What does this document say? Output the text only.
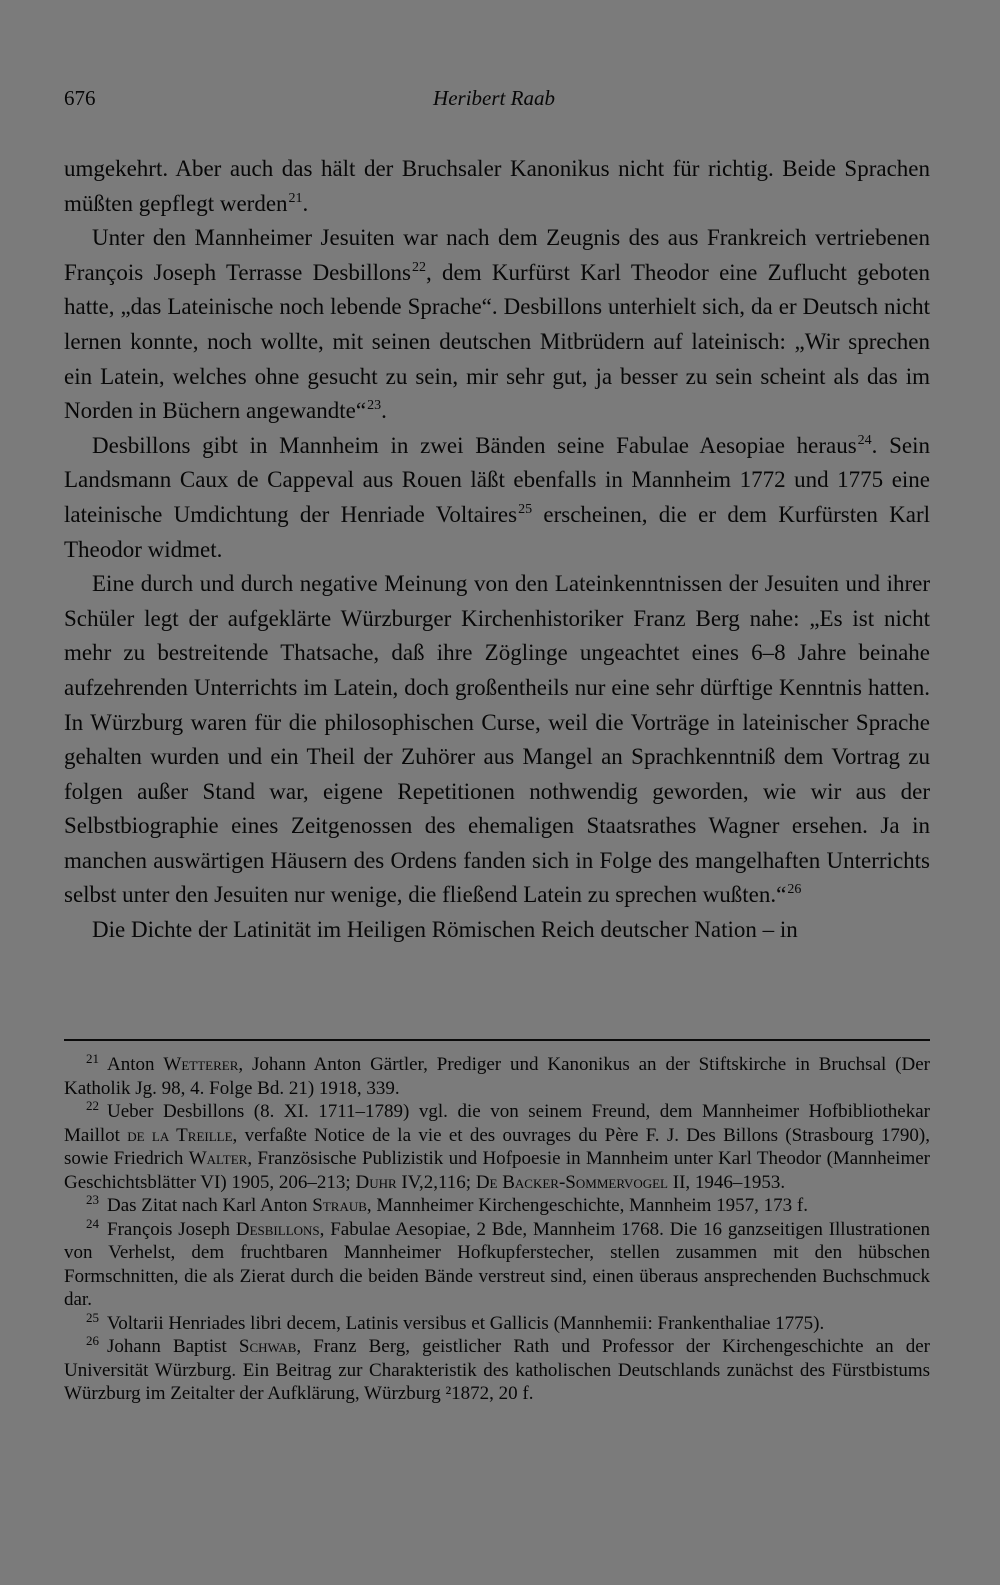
676	Heribert Raab

umgekehrt. Aber auch das hält der Bruchsaler Kanonikus nicht für richtig. Beide Sprachen müßten gepflegt werden$^{21}$.

Unter den Mannheimer Jesuiten war nach dem Zeugnis des aus Frankreich vertriebenen François Joseph Terrasse Desbillons$^{22}$, dem Kurfürst Karl Theodor eine Zuflucht geboten hatte, „das Lateinische noch lebende Sprache“. Desbillons unterhielt sich, da er Deutsch nicht lernen konnte, noch wollte, mit seinen deutschen Mitbrüdern auf lateinisch: „Wir sprechen ein Latein, welches ohne gesucht zu sein, mir sehr gut, ja besser zu sein scheint als das im Norden in Büchern angewandte“$^{23}$.

Desbillons gibt in Mannheim in zwei Bänden seine Fabulae Aesopiae heraus$^{24}$. Sein Landsmann Caux de Cappeval aus Rouen läßt ebenfalls in Mannheim 1772 und 1775 eine lateinische Umdichtung der Henriade Voltaires$^{25}$ erscheinen, die er dem Kurfürsten Karl Theodor widmet.

Eine durch und durch negative Meinung von den Lateinkenntnissen der Jesuiten und ihrer Schüler legt der aufgeklärte Würzburger Kirchenhistoriker Franz Berg nahe: „Es ist nicht mehr zu bestreitende Thatsache, daß ihre Zöglinge ungeachtet eines 6–8 Jahre beinahe aufzehrenden Unterrichts im Latein, doch großentheils nur eine sehr dürftige Kenntnis hatten. In Würzburg waren für die philosophischen Curse, weil die Vorträge in lateinischer Sprache gehalten wurden und ein Theil der Zuhörer aus Mangel an Sprachkenntniß dem Vortrag zu folgen außer Stand war, eigene Repetitionen nothwendig geworden, wie wir aus der Selbstbiographie eines Zeitgenossen des ehemaligen Staatsrathes Wagner ersehen. Ja in manchen auswärtigen Häusern des Ordens fanden sich in Folge des mangelhaften Unterrichts selbst unter den Jesuiten nur wenige, die fließend Latein zu sprechen wußten.“$^{26}$

Die Dichte der Latinität im Heiligen Römischen Reich deutscher Nation – in

$^{21}$ Anton Wetterer, Johann Anton Gärtler, Prediger und Kanonikus an der Stiftskirche in Bruchsal (Der Katholik Jg. 98, 4. Folge Bd. 21) 1918, 339.

$^{22}$ Ueber Desbillons (8. XI. 1711–1789) vgl. die von seinem Freund, dem Mannheimer Hofbibliothekar Maillot de la Treille, verfaßte Notice de la vie et des ouvrages du Père F. J. Des Billons (Strasbourg 1790), sowie Friedrich Walter, Französische Publizistik und Hofpoesie in Mannheim unter Karl Theodor (Mannheimer Geschichtsblätter VI) 1905, 206–213; Duhr IV,2,116; De Backer-Sommervogel II, 1946–1953.

$^{23}$ Das Zitat nach Karl Anton Straub, Mannheimer Kirchengeschichte, Mannheim 1957, 173 f.

$^{24}$ François Joseph Desbillons, Fabulae Aesopiae, 2 Bde, Mannheim 1768. Die 16 ganzseitigen Illustrationen von Verhelst, dem fruchtbaren Mannheimer Hofkupferstecher, stellen zusammen mit den hübschen Formschnitten, die als Zierat durch die beiden Bände verstreut sind, einen überaus ansprechenden Buchschmuck dar.

$^{25}$ Voltarii Henriades libri decem, Latinis versibus et Gallicis (Mannhemii: Frankenthaliae 1775).

$^{26}$ Johann Baptist Schwab, Franz Berg, geistlicher Rath und Professor der Kirchengeschichte an der Universität Würzburg. Ein Beitrag zur Charakteristik des katholischen Deutschlands zunächst des Fürstbistums Würzburg im Zeitalter der Aufklärung, Würzburg ²1872, 20 f.
